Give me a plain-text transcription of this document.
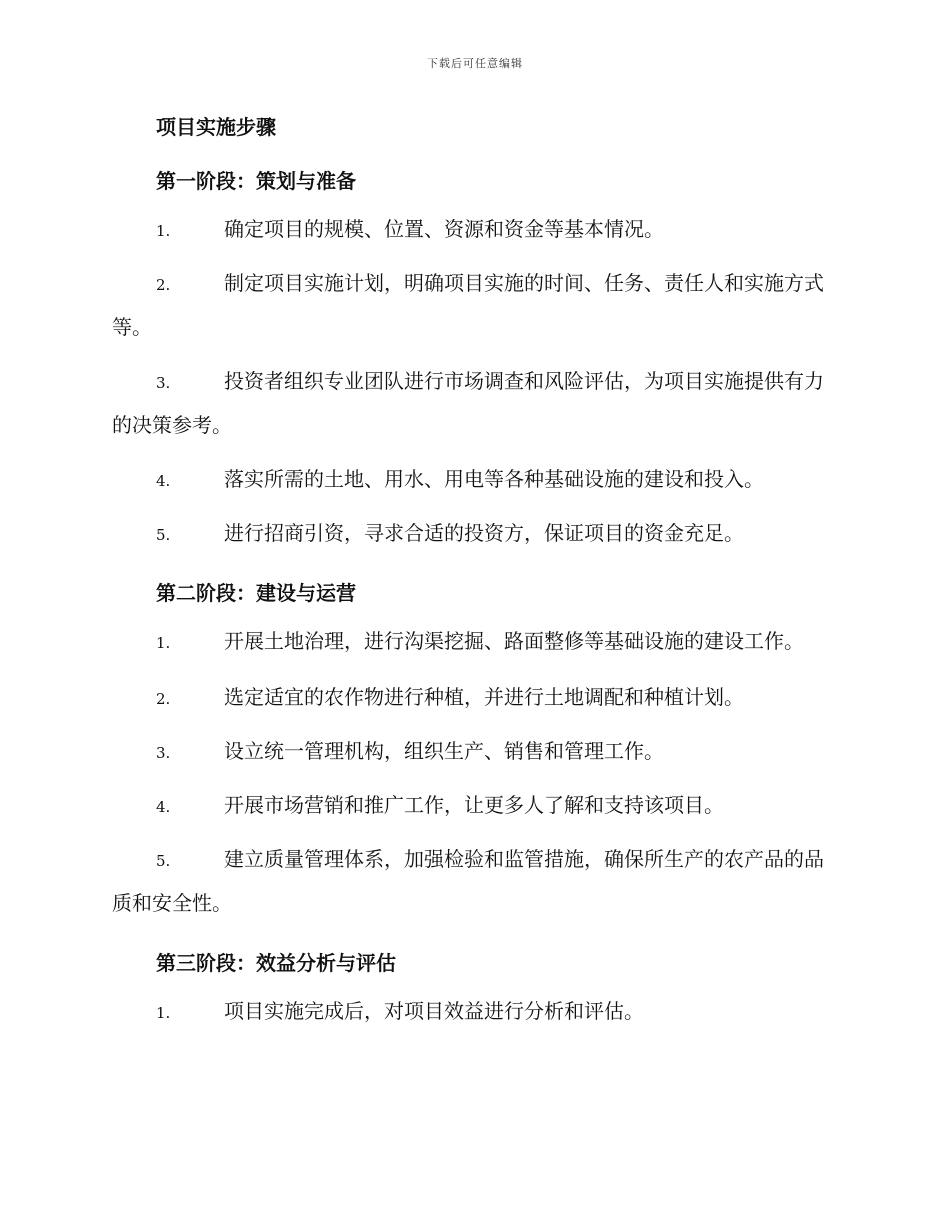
下载后可任意编辑
项目实施步骤
第一阶段：策划与准备
1.	确定项目的规模、位置、资源和资金等基本情况。
2.	制定项目实施计划，明确项目实施的时间、任务、责任人和实施方式等。
3.	投资者组织专业团队进行市场调查和风险评估，为项目实施提供有力的决策参考。
4.	落实所需的土地、用水、用电等各种基础设施的建设和投入。
5.	进行招商引资，寻求合适的投资方，保证项目的资金充足。
第二阶段：建设与运营
1.	开展土地治理，进行沟渠挖掘、路面整修等基础设施的建设工作。
2.	选定适宜的农作物进行种植，并进行土地调配和种植计划。
3.	设立统一管理机构，组织生产、销售和管理工作。
4.	开展市场营销和推广工作，让更多人了解和支持该项目。
5.	建立质量管理体系，加强检验和监管措施，确保所生产的农产品的品质和安全性。
第三阶段：效益分析与评估
1.	项目实施完成后，对项目效益进行分析和评估。
